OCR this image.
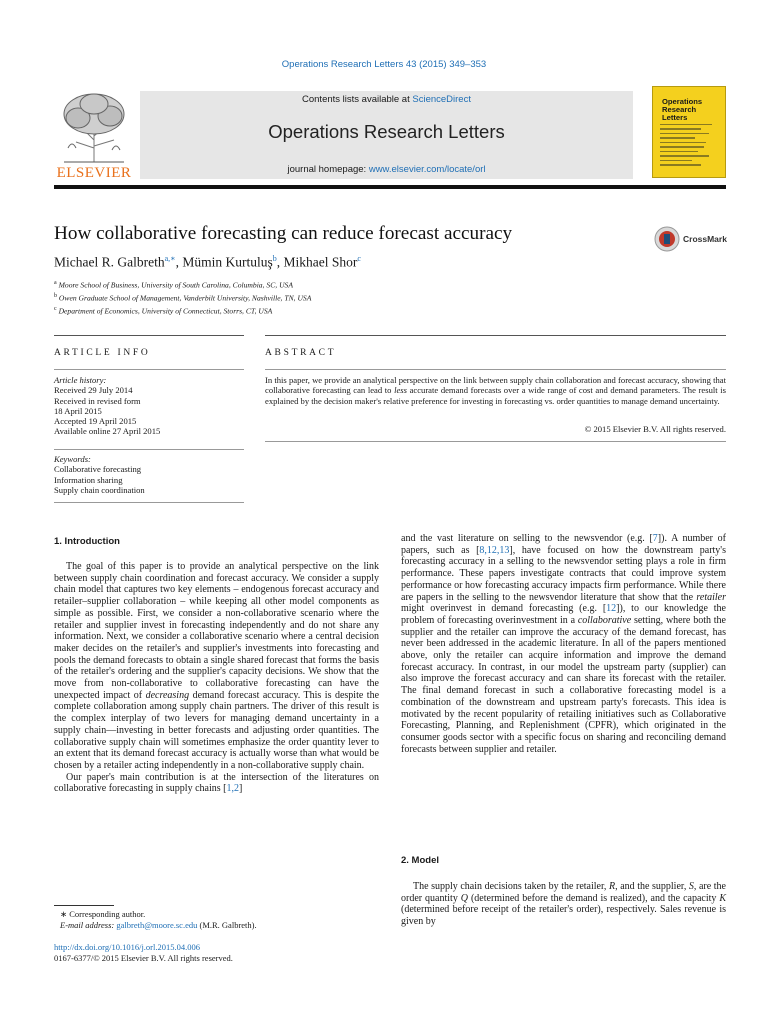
Operations Research Letters 43 (2015) 349–353
ELSEVIER
Contents lists available at ScienceDirect
Operations Research Letters
journal homepage: www.elsevier.com/locate/orl
Operations Research Letters
How collaborative forecasting can reduce forecast accuracy	CrossMark
Michael R. Galbreth$^{a,∗}$, Mümin Kurtuluş$^b$, Mikhael Shor$^c$
$^a$ Moore School of Business, University of South Carolina, Columbia, SC, USA
$^b$ Owen Graduate School of Management, Vanderbilt University, Nashville, TN, USA
$^c$ Department of Economics, University of Connecticut, Storrs, CT, USA
ARTICLE INFO	ABSTRACT
Article history:
Received 29 July 2014
Received in revised form
18 April 2015
Accepted 19 April 2015
Available online 27 April 2015
Keywords:
Collaborative forecasting
Information sharing
Supply chain coordination
In this paper, we provide an analytical perspective on the link between supply chain collaboration and forecast accuracy, showing that collaborative forecasting can lead to less accurate demand forecasts over a wide range of cost and demand parameters. The result is explained by the decision maker's relative preference for investing in forecasting vs. order quantities to manage demand uncertainty.
© 2015 Elsevier B.V. All rights reserved.
1. Introduction

The goal of this paper is to provide an analytical perspective on the link between supply chain coordination and forecast accuracy. We consider a supply chain model that captures two key elements – endogenous forecast accuracy and retailer–supplier collaboration – while keeping all other model components as simple as possible. First, we consider a non-collaborative scenario where the retailer and supplier invest in forecasting independently and do not share any information. Next, we consider a collaborative scenario where a central decision maker decides on the retailer's and supplier's investments into forecasting and pools the demand forecasts to obtain a single shared forecast that forms the basis of the retailer's ordering and the supplier's capacity decisions. We show that the move from non-collaborative to collaborative forecasting can have the unexpected impact of decreasing demand forecast accuracy. This is despite the complete collaboration among supply chain partners. The driver of this result is the complex interplay of two levers for managing demand uncertainty in a supply chain—investing in better forecasts and adjusting order quantities. The collaborative supply chain will sometimes emphasize the order quantity lever to an extent that its demand forecast accuracy is actually worse than what would be chosen by a retailer acting independently in a non-collaborative supply chain.

Our paper's main contribution is at the intersection of the literatures on collaborative forecasting in supply chains [1,2]

and the vast literature on selling to the newsvendor (e.g. [7]). A number of papers, such as [8,12,13], have focused on how the downstream party's forecasting accuracy in a selling to the newsvendor setting plays a role in firm performance. These papers investigate contracts that could improve system performance or how forecasting accuracy impacts firm performance. While there are papers in the selling to the newsvendor literature that show that the retailer might overinvest in demand forecasting (e.g. [12]), to our knowledge the problem of forecasting overinvestment in a collaborative setting, where both the supplier and the retailer can improve the accuracy of the demand forecast, has never been addressed in the academic literature. In all of the papers mentioned above, only the retailer can acquire information and improve the demand forecast accuracy. In contrast, in our model the upstream party (supplier) can also improve the forecast accuracy and can share its forecast with the retailer. The final demand forecast in such a collaborative forecasting model is a combination of the downstream and upstream party's forecasts. This idea is motivated by the recent popularity of retailing initiatives such as Collaborative Forecasting, Planning, and Replenishment (CPFR), which originated in the consumer goods sector with a specific focus on sharing and reconciling demand forecasts between supplier and retailer.

2. Model

The supply chain decisions taken by the retailer, R, and the supplier, S, are the order quantity Q (determined before the demand is realized), and the capacity K (determined before receipt of the retailer's order), respectively. Sales revenue is given by

∗ Corresponding author.
E-mail address: galbreth@moore.sc.edu (M.R. Galbreth).
http://dx.doi.org/10.1016/j.orl.2015.04.006
0167-6377/© 2015 Elsevier B.V. All rights reserved.
